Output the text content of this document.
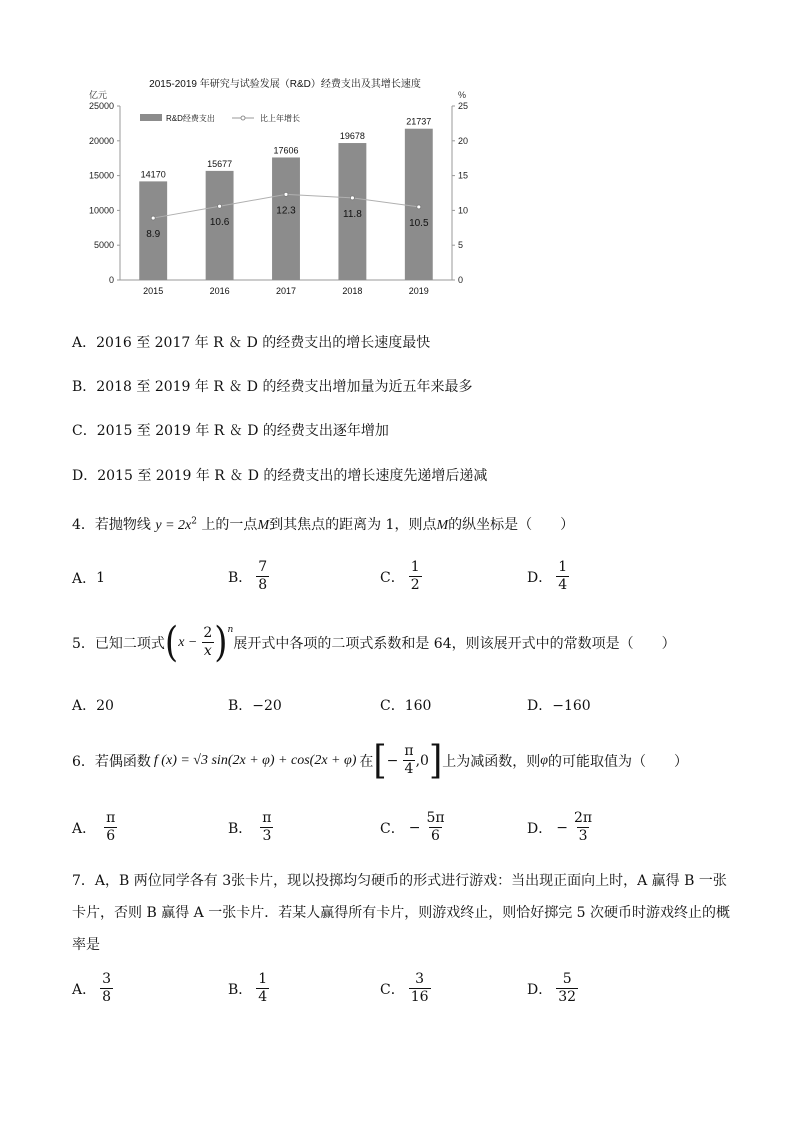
2015-2019 年研究与试验发展（R&D）经费支出及其增长速度
亿元	%
0
5000
10000
15000
20000
25000
0
5
10
15
20
25
14170
2015
15677
2016
17606
2017
19678
2018
21737
2019
8.9
10.6
12.3	11.8
10.5
R&D经费支出	比上年增长
A．2016 至 2017 年 R ＆ D 的经费支出的增长速度最快
B．2018 至 2019 年 R ＆ D 的经费支出增加量为近五年来最多
C．2015 至 2019 年 R ＆ D 的经费支出逐年增加
D．2015 至 2019 年 R ＆ D 的经费支出的增长速度先递增后递减
4．若抛物线 $y = 2x^2$ 上的一点M到其焦点的距离为 1，则点M的纵坐标是（　　）
A． 1	B． $\frac{7}{8}$	C． $\frac{1}{2}$	D． $\frac{1}{4}$
5． 已知二项式 ( $x - \frac{2}{x} )^n$
展开式中各项的二项式系数和是 64，则该展开式中的常数项是（　　）
A．20	B．−20	C．160	D．−160
6． 若偶函数 f (x) = √3 sin(2x + φ) + cos(2x + φ) 在 [ − $\frac{\pi}{4} ,0$ ] 上为减函数，则 φ 的可能取值为（　　）
A． $\frac{\pi}{6}$	B． $\frac{\pi}{3}$	C． − $\frac{5\pi}{6}$	D． − $\frac{2\pi}{3}$
7．A，B 两位同学各有 3张卡片，现以投掷均匀硬币的形式进行游戏：当出现正面向上时，A 赢得 B 一张
卡片，否则 B 赢得 A 一张卡片．若某人赢得所有卡片，则游戏终止，则恰好掷完 5 次硬币时游戏终止的概
率是
A． $\frac{3}{8}$	B． $\frac{1}{4}$	C． $\frac{3}{16}$	D． $\frac{5}{32}$
